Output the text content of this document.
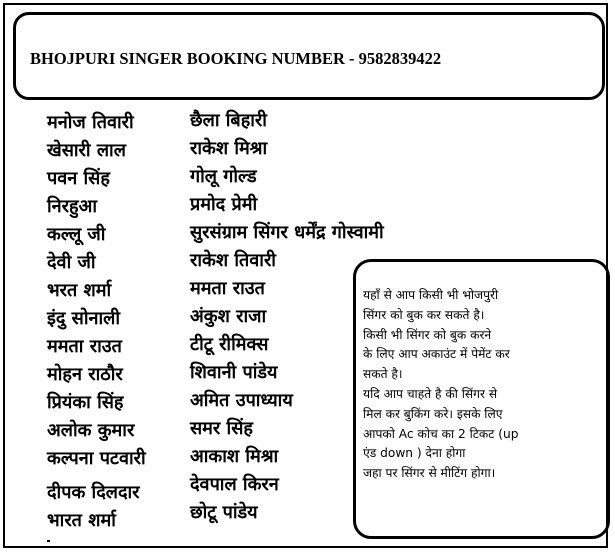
BHOJPURI SINGER BOOKING NUMBER - 9582839422
मनोज तिवारी
खेसारी लाल
पवन सिंह
निरहुआ
कल्लू जी
देवी जी
भरत शर्मा
इंदु सोनाली
ममता राउत
मोहन राठौर
प्रियंका सिंह
अलोक कुमार
कल्पना पटवारी
दीपक दिलदार
भारत शर्मा
छैला बिहारी
राकेश मिश्रा
गोलू गोल्ड
प्रमोद प्रेमी
सुरसंग्राम सिंगर धर्मेंद्र गोस्वामी
राकेश तिवारी
ममता राउत
अंकुश राजा
टीटू रीमिक्स
शिवानी पांडेय
अमित उपाध्याय
समर सिंह
आकाश मिश्रा
देवपाल किरन
छोटू पांडेय
यहाँ से आप किसी भी भोजपुरी
सिंगर को बुक कर सकते है।
किसी भी सिंगर को बुक करने
के लिए आप अकाउंट में पेमेंट कर
सकते है।
यदि आप चाहते है की सिंगर से
मिल कर बुकिंग करे। इसके लिए
आपको Ac कोच का 2 टिकट (up
एंड down ) देना होगा
जहा पर सिंगर से मीटिंग होगा।
